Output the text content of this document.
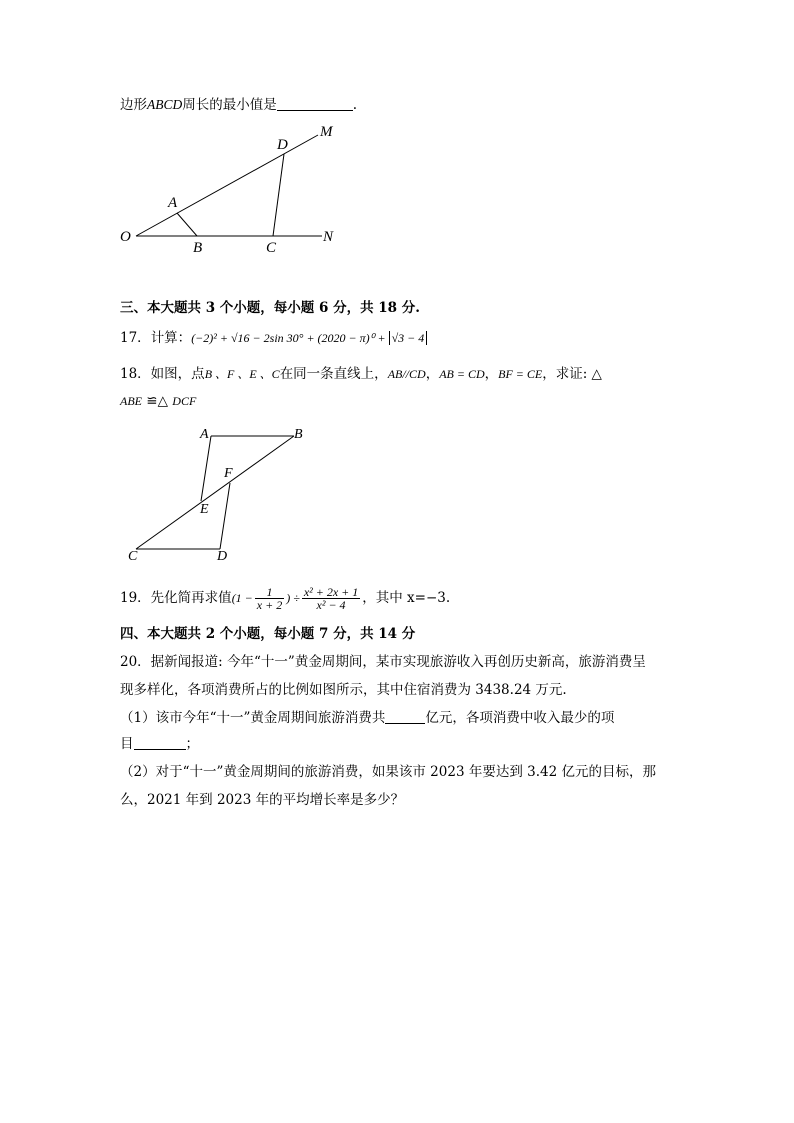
边形ABCD周长的最小值是	.
M
D
A
O
B	C
N
三、本大题共 3 个小题，每小题 6 分，共 18 分.
17．计算：(−2)² + √16 − 2sin 30° + (2020 − π)⁰ + √3 − 4
18．如图，点B 、F 、E 、C在同一条直线上，AB//CD，AB = CD，BF = CE，求证: △
ABE ≌△ DCF
A	B
F
E
C	D
19．先化简再求值($1 - \frac{1}{x + 2}$ ) ÷ $\frac{\text{x² + 2x + 1}}{\text{x² − 4}}$ ，其中 x=−3.
四、本大题共 2 个小题，每小题 7 分，共 14 分
20．据新闻报道: 今年“十一”黄金周期间，某市实现旅游收入再创历史新高，旅游消费呈
现多样化，各项消费所占的比例如图所示，其中住宿消费为 3438.24 万元.
（1）该市今年“十一”黄金周期间旅游消费共	亿元，各项消费中收入最少的项
目	；
（2）对于“十一”黄金周期间的旅游消费，如果该市 2023 年要达到 3.42 亿元的目标，那
么，2021 年到 2023 年的平均增长率是多少？
